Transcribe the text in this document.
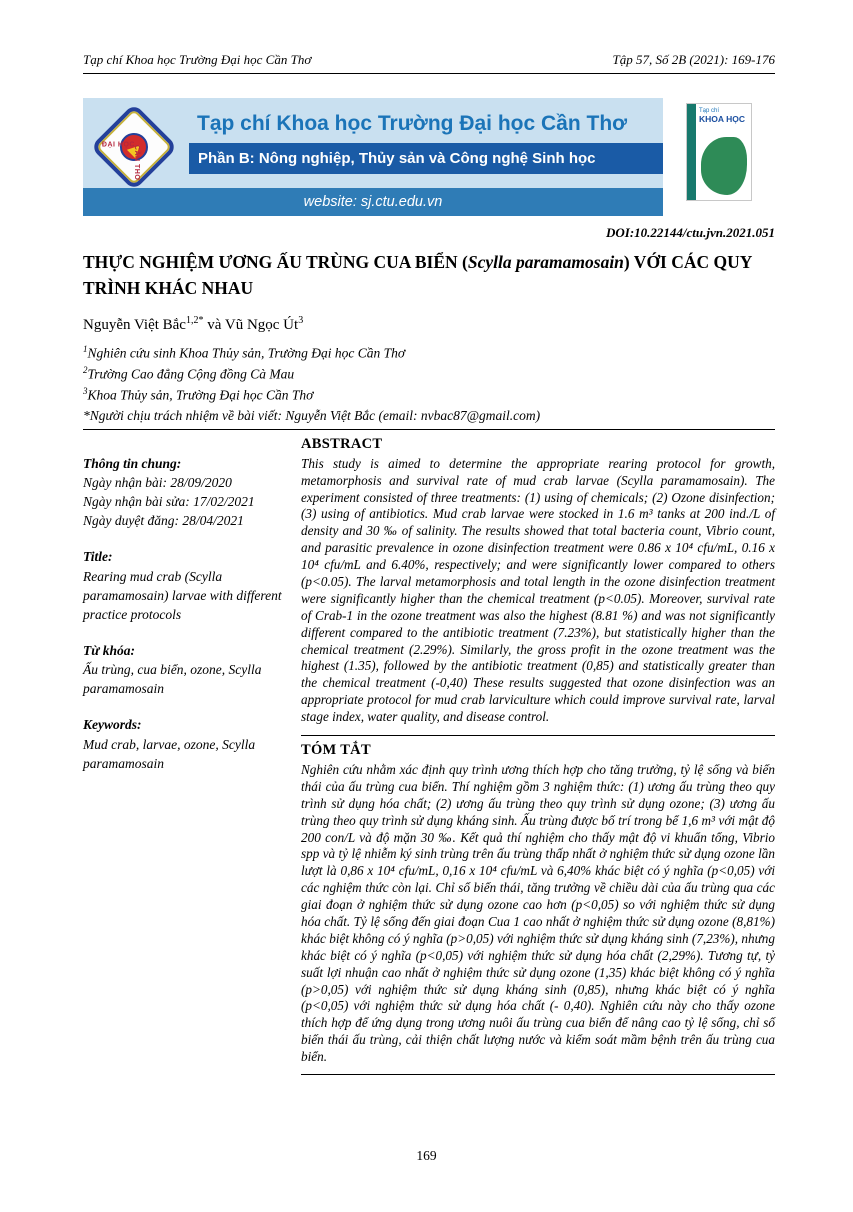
Tạp chí Khoa học Trường Đại học Cần Thơ	Tập 57, Số 2B (2021): 169-176
ĐẠI HỌC
CẦN THƠ
Tạp chí Khoa học Trường Đại học Cần Thơ
Phần B: Nông nghiệp, Thủy sản và Công nghệ Sinh học
Tạp chí
KHOA HỌC
website: sj.ctu.edu.vn
DOI:10.22144/ctu.jvn.2021.051
THỰC NGHIỆM ƯƠNG ẤU TRÙNG CUA BIỂN (Scylla paramamosain) VỚI CÁC QUY TRÌNH KHÁC NHAU
Nguyễn Việt Bắc$^{1,2*}$ và Vũ Ngọc $Út^3$
$^1$Nghiên cứu sinh Khoa Thủy sản, Trường Đại học Cần Thơ
$^2$Trường Cao đẳng Cộng đồng Cà Mau
$^3$Khoa Thủy sản, Trường Đại học Cần Thơ
*Người chịu trách nhiệm về bài viết: Nguyễn Việt Bắc (email: nvbac87@gmail.com)

Thông tin chung:

Ngày nhận bài: 28/09/2020

Ngày nhận bài sửa: 17/02/2021

Ngày duyệt đăng: 28/04/2021

Title:

Rearing mud crab (Scylla paramamosain) larvae with different practice protocols

Từ khóa:

Ấu trùng, cua biển, ozone, Scylla paramamosain

Keywords:

Mud crab, larvae, ozone, Scylla paramamosain

ABSTRACT

This study is aimed to determine the appropriate rearing protocol for growth, metamorphosis and survival rate of mud crab larvae (Scylla paramamosain). The experiment consisted of three treatments: (1) using of chemicals; (2) Ozone disinfection; (3) using of antibiotics. Mud crab larvae were stocked in 1.6 m³ tanks at 200 ind./L of density and 30 ‰ of salinity. The results showed that total bacteria count, Vibrio count, and parasitic prevalence in ozone disinfection treatment were 0.86 x 10⁴ cfu/mL, 0.16 x 10⁴ cfu/mL and 6.40%, respectively; and were significantly lower compared to others (p<0.05). The larval metamorphosis and total length in the ozone disinfection treatment were significantly higher than the chemical treatment (p<0.05). Moreover, survival rate of Crab-1 in the ozone treatment was also the highest (8.81 %) and was not significantly different compared to the antibiotic treatment (7.23%), but statistically higher than the chemical treatment (2.29%). Similarly, the gross profit in the ozone treatment was the highest (1.35), followed by the antibiotic treatment (0,85) and statistically greater than the chemical treatment (-0,40) These results suggested that ozone disinfection was an appropriate protocol for mud crab larviculture which could improve survival rate, larval stage index, water quality, and disease control.

TÓM TẮT

Nghiên cứu nhằm xác định quy trình ương thích hợp cho tăng trưởng, tỷ lệ sống và biến thái của ấu trùng cua biển. Thí nghiệm gồm 3 nghiệm thức: (1) ương ấu trùng theo quy trình sử dụng hóa chất; (2) ương ấu trùng theo quy trình sử dụng ozone; (3) ương ấu trùng theo quy trình sử dụng kháng sinh. Ấu trùng được bố trí trong bể 1,6 m³ với mật độ 200 con/L và độ mặn 30 ‰. Kết quả thí nghiệm cho thấy mật độ vi khuẩn tổng, Vibrio spp và tỷ lệ nhiễm ký sinh trùng trên ấu trùng thấp nhất ở nghiệm thức sử dụng ozone lần lượt là 0,86 x 10⁴ cfu/mL, 0,16 x 10⁴ cfu/mL và 6,40% khác biệt có ý nghĩa (p<0,05) với các nghiệm thức còn lại. Chỉ số biến thái, tăng trưởng về chiều dài của ấu trùng qua các giai đoạn ở nghiệm thức sử dụng ozone cao hơn (p<0,05) so với nghiệm thức sử dụng hóa chất. Tỷ lệ sống đến giai đoạn Cua 1 cao nhất ở nghiệm thức sử dụng ozone (8,81%) khác biệt không có ý nghĩa (p>0,05) với nghiệm thức sử dụng kháng sinh (7,23%), nhưng khác biệt có ý nghĩa (p<0,05) với nghiệm thức sử dụng hóa chất (2,29%). Tương tự, tỷ suất lợi nhuận cao nhất ở nghiệm thức sử dụng ozone (1,35) khác biệt không có ý nghĩa (p>0,05) với nghiệm thức sử dụng kháng sinh (0,85), nhưng khác biệt có ý nghĩa (p<0,05) với nghiệm thức sử dụng hóa chất (- 0,40). Nghiên cứu này cho thấy ozone thích hợp để ứng dụng trong ương nuôi ấu trùng cua biển để nâng cao tỷ lệ sống, chỉ số biến thái ấu trùng, cải thiện chất lượng nước và kiểm soát mầm bệnh trên ấu trùng cua biển.

169
